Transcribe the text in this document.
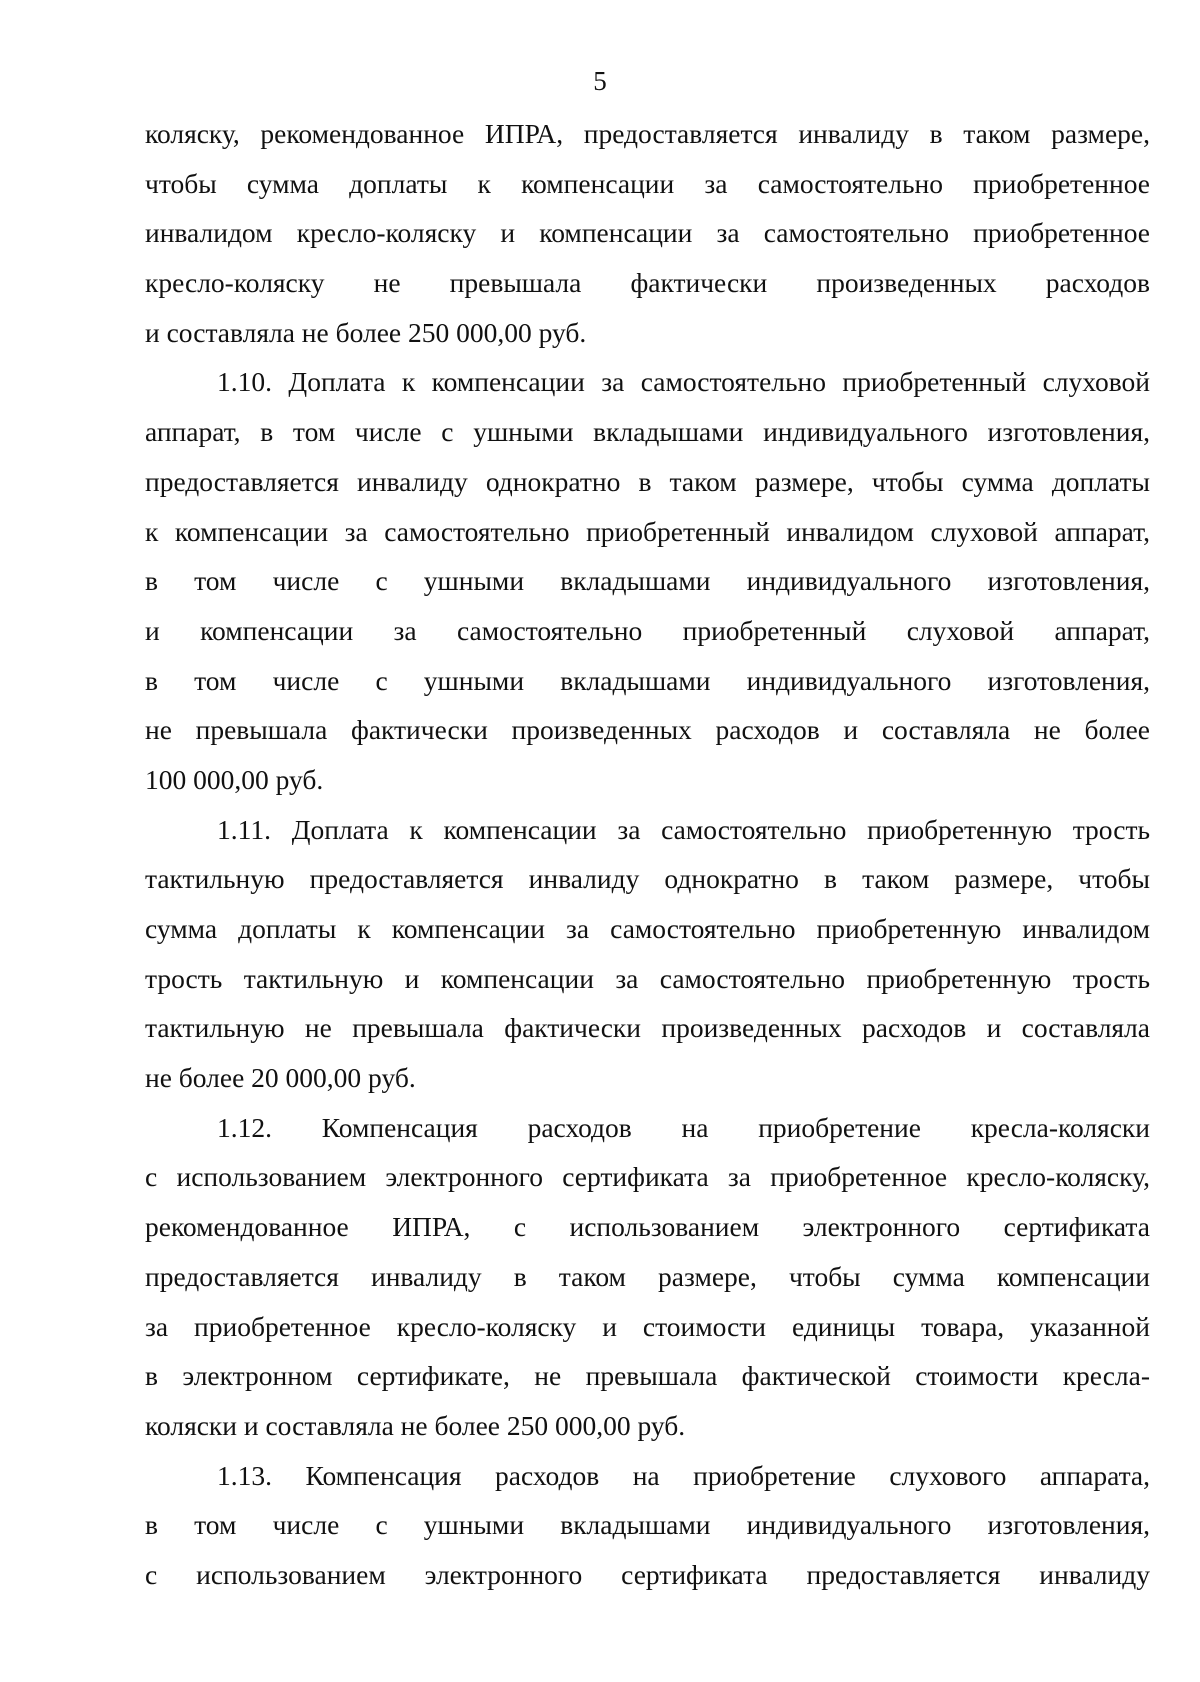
5
коляску, рекомендованное ИПРА, предоставляется инвалиду в таком размере,
чтобы сумма доплаты к компенсации за самостоятельно приобретенное
инвалидом кресло-коляску и компенсации за самостоятельно приобретенное
кресло-коляску не превышала фактически произведенных расходов
и составляла не более 250 000,00 руб.
1.10. Доплата к компенсации за самостоятельно приобретенный слуховой
аппарат, в том числе с ушными вкладышами индивидуального изготовления,
предоставляется инвалиду однократно в таком размере, чтобы сумма доплаты
к компенсации за самостоятельно приобретенный инвалидом слуховой аппарат,
в том числе с ушными вкладышами индивидуального изготовления,
и компенсации за самостоятельно приобретенный слуховой аппарат,
в том числе с ушными вкладышами индивидуального изготовления,
не превышала фактически произведенных расходов и составляла не более
100 000,00 руб.
1.11. Доплата к компенсации за самостоятельно приобретенную трость
тактильную предоставляется инвалиду однократно в таком размере, чтобы
сумма доплаты к компенсации за самостоятельно приобретенную инвалидом
трость тактильную и компенсации за самостоятельно приобретенную трость
тактильную не превышала фактически произведенных расходов и составляла
не более 20 000,00 руб.
1.12. Компенсация расходов на приобретение кресла-коляски
с использованием электронного сертификата за приобретенное кресло-коляску,
рекомендованное ИПРА, с использованием электронного сертификата
предоставляется инвалиду в таком размере, чтобы сумма компенсации
за приобретенное кресло-коляску и стоимости единицы товара, указанной
в электронном сертификате, не превышала фактической стоимости кресла-
коляски и составляла не более 250 000,00 руб.
1.13. Компенсация расходов на приобретение слухового аппарата,
в том числе с ушными вкладышами индивидуального изготовления,
с использованием электронного сертификата предоставляется инвалиду
